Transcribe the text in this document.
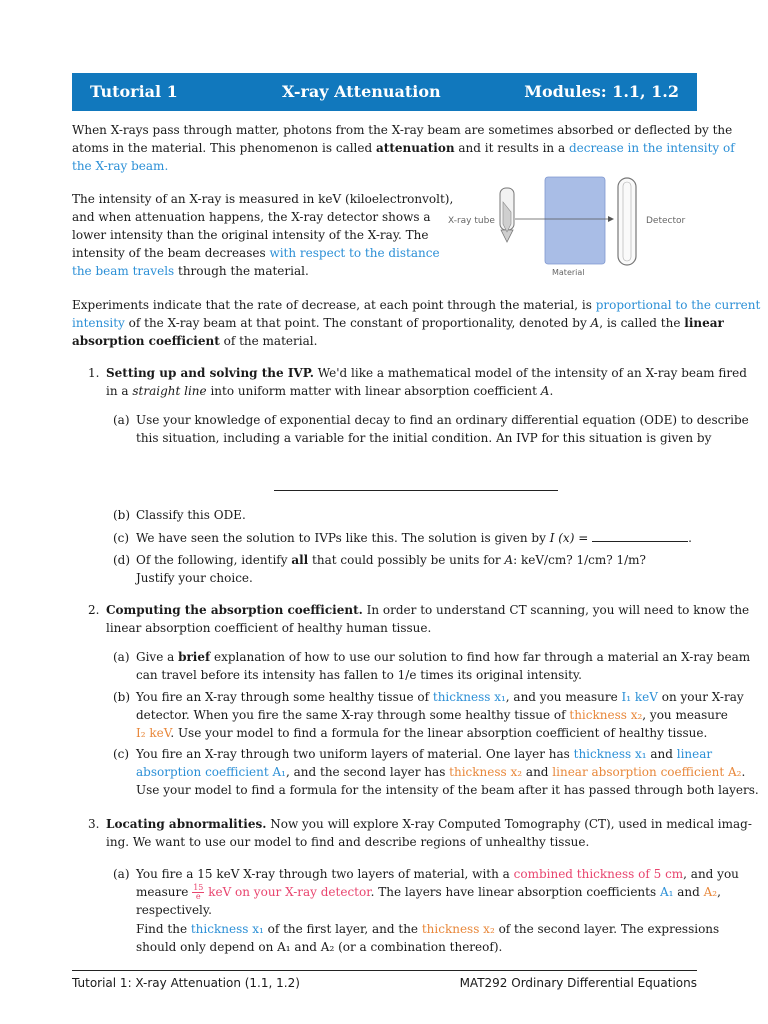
Tutorial 1	X-ray Attenuation	Modules: 1.1, 1.2
When X-rays pass through matter, photons from the X-ray beam are sometimes absorbed or deflected by the
atoms in the material. This phenomenon is called attenuation and it results in a decrease in the intensity of
the X-ray beam.
The intensity of an X-ray is measured in keV (kiloelectronvolt),
and when attenuation happens, the X-ray detector shows a
lower intensity than the original intensity of the X-ray. The
intensity of the beam decreases with respect to the distance
the beam travels through the material.
X-ray tube	Detector
Material
Experiments indicate that the rate of decrease, at each point through the material, is proportional to the current
intensity of the X-ray beam at that point. The constant of proportionality, denoted by A, is called the linear
absorption coefficient of the material.
1. Setting up and solving the IVP. We'd like a mathematical model of the intensity of an X-ray beam fired
in a straight line into uniform matter with linear absorption coefficient A.
(a) Use your knowledge of exponential decay to find an ordinary differential equation (ODE) to describe
this situation, including a variable for the initial condition. An IVP for this situation is given by
(b) Classify this ODE.
(c) We have seen the solution to IVPs like this. The solution is given by I (x) =	.
(d) Of the following, identify all that could possibly be units for A: keV/cm? 1/cm? 1/m?
Justify your choice.
2. Computing the absorption coefficient. In order to understand CT scanning, you will need to know the
linear absorption coefficient of healthy human tissue.
(a) Give a brief explanation of how to use our solution to find how far through a material an X-ray beam
can travel before its intensity has fallen to 1/e times its original intensity.
(b) You fire an X-ray through some healthy tissue of thickness x₁, and you measure I₁ keV on your X-ray
detector. When you fire the same X-ray through some healthy tissue of thickness x₂, you measure
I₂ keV. Use your model to find a formula for the linear absorption coefficient of healthy tissue.
(c) You fire an X-ray through two uniform layers of material. One layer has thickness x₁ and linear
absorption coefficient A₁, and the second layer has thickness x₂ and linear absorption coefficient A₂.
Use your model to find a formula for the intensity of the beam after it has passed through both layers.
3. Locating abnormalities. Now you will explore X-ray Computed Tomography (CT), used in medical imag-
ing. We want to use our model to find and describe regions of unhealthy tissue.
(a) You fire a 15 keV X-ray through two layers of material, with a combined thickness of 5 cm, and you
measure $\frac{15}{e}$ keV on your X-ray detector. The layers have linear absorption coefficients A₁ and A₂,
respectively.
Find the thickness x₁ of the first layer, and the thickness x₂ of the second layer. The expressions
should only depend on A₁ and A₂ (or a combination thereof).
Tutorial 1: X-ray Attenuation (1.1, 1.2)	MAT292 Ordinary Differential Equations
